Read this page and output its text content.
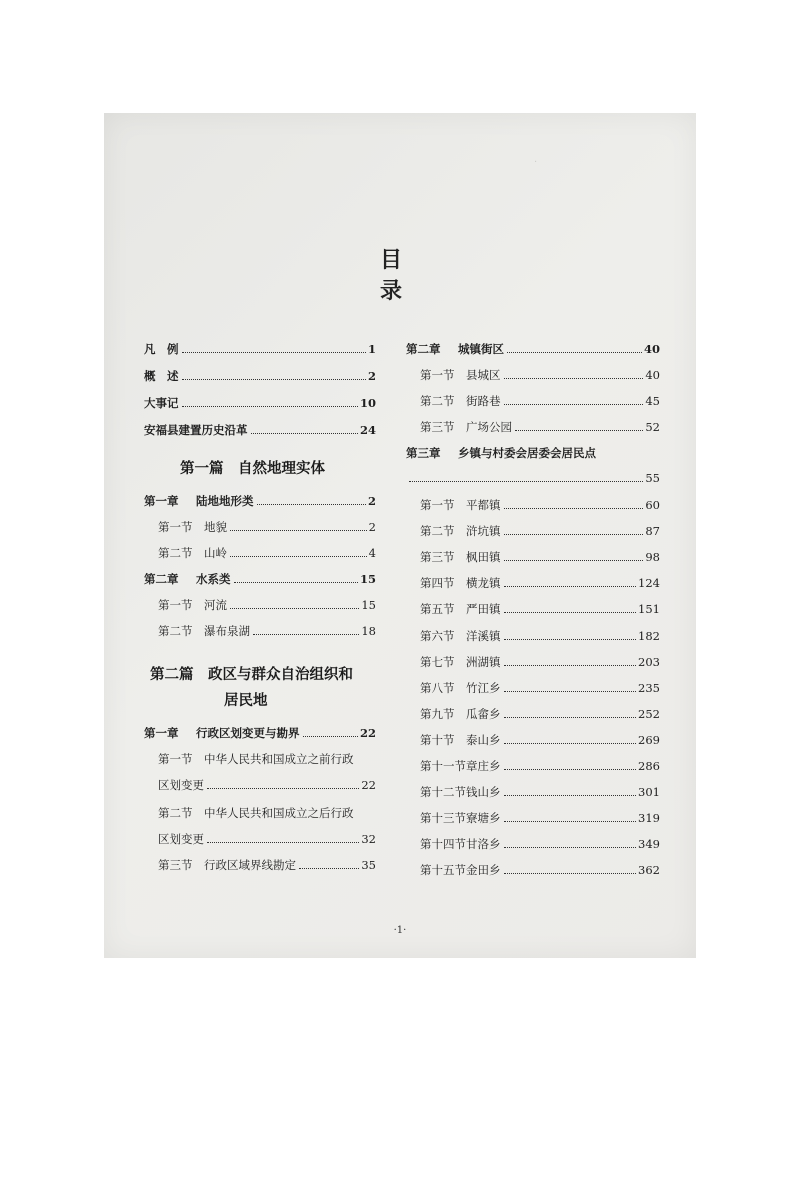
·　　　　　　　　　　　　

目　录
凡　例	1
概　述	2
大事记	10
安福县建置历史沿革	24
第一篇　自然地理实体
第一章	陆地地形类	2
第一节	地貌	2
第二节	山岭	4
第二章	水系类	15
第一节	河流	15
第二节	瀑布泉湖	18
第二篇　政区与群众自治组织和
居民地
第一章	行政区划变更与勘界	22
第一节	中华人民共和国成立之前行政
区划变更	22
第二节	中华人民共和国成立之后行政
区划变更	32
第三节	行政区域界线勘定	35
第二章	城镇街区	40
第一节	县城区	40
第二节	街路巷	45
第三节	广场公园	52
第三章	乡镇与村委会居委会居民点
55
第一节	平都镇	60
第二节	浒坑镇	87
第三节	枫田镇	98
第四节	横龙镇	124
第五节	严田镇	151
第六节	洋溪镇	182
第七节	洲湖镇	203
第八节	竹江乡	235
第九节	瓜畲乡	252
第十节	泰山乡	269
第十一节 章庄乡	286
第十二节 钱山乡	301
第十三节 寮塘乡	319
第十四节 甘洛乡	349
第十五节 金田乡	362
·1·
